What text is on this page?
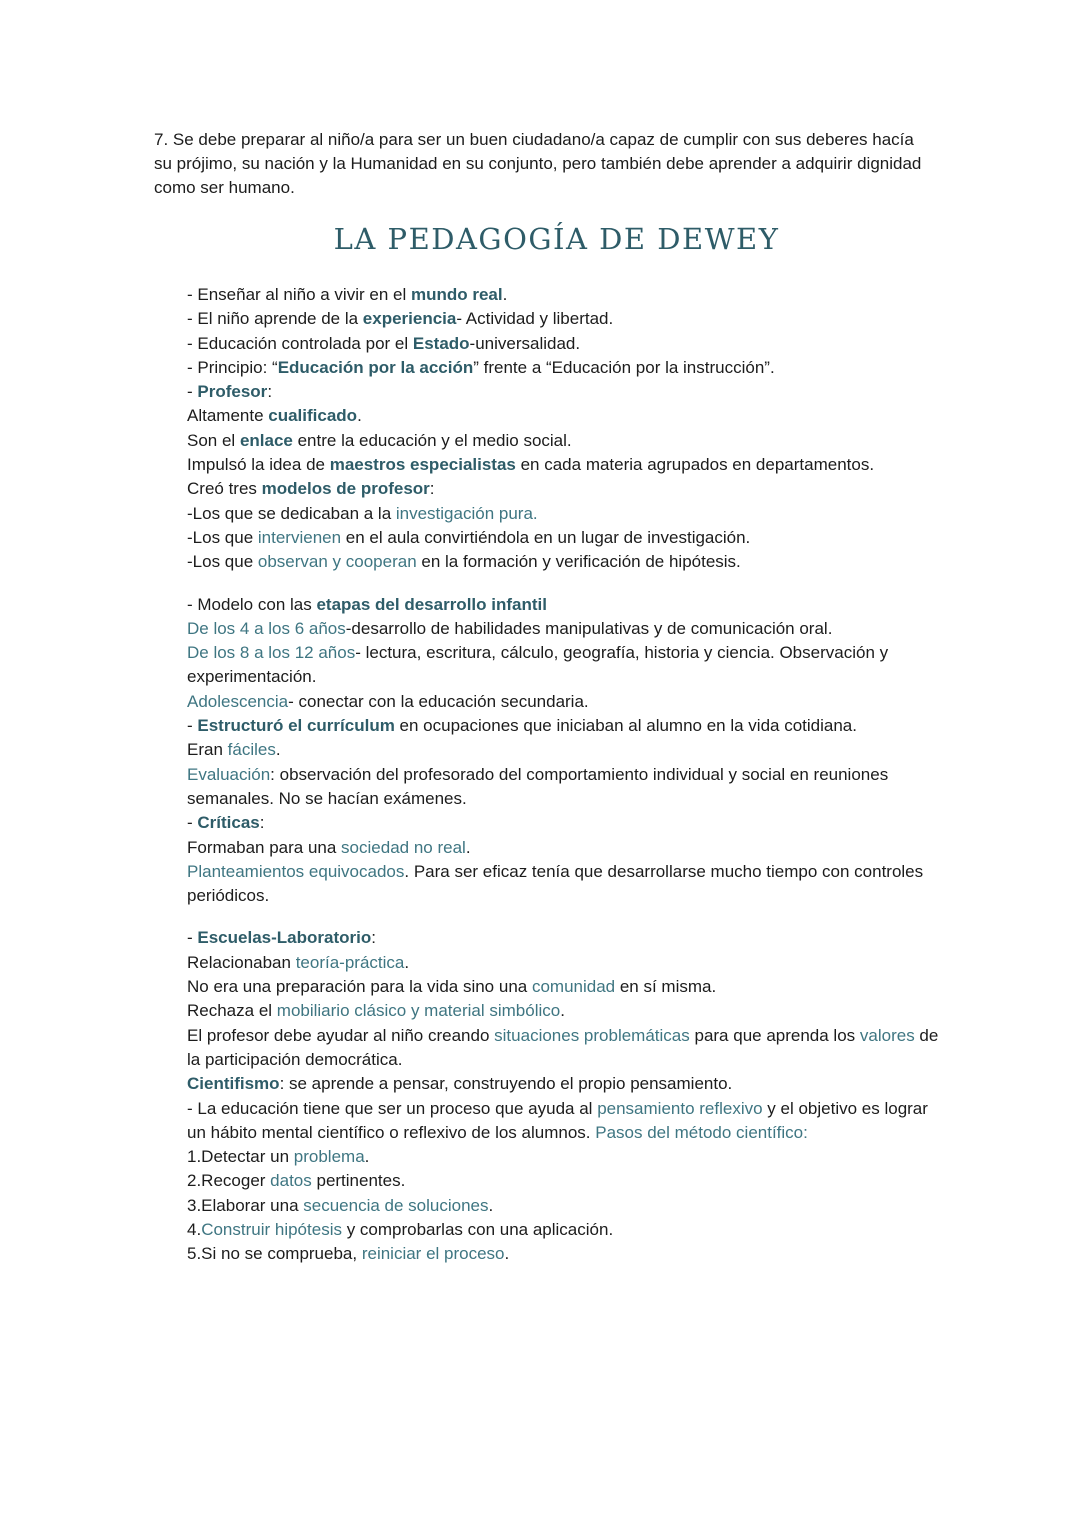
7. Se debe preparar al niño/a para ser un buen ciudadano/a capaz de cumplir con sus deberes hacía su prójimo, su nación y la Humanidad en su conjunto, pero también debe aprender a adquirir dignidad como ser humano.

LA PEDAGOGÍA DE DEWEY
- Enseñar al niño a vivir en el mundo real.
- El niño aprende de la experiencia- Actividad y libertad.
- Educación controlada por el Estado-universalidad.
- Principio: “Educación por la acción” frente a “Educación por la instrucción”.
- Profesor:
Altamente cualificado.
Son el enlace entre la educación y el medio social.
Impulsó la idea de maestros especialistas en cada materia agrupados en departamentos.
Creó tres modelos de profesor:
-Los que se dedicaban a la investigación pura.
-Los que intervienen en el aula convirtiéndola en un lugar de investigación.
-Los que observan y cooperan en la formación y verificación de hipótesis.
- Modelo con las etapas del desarrollo infantil
De los 4 a los 6 años-desarrollo de habilidades manipulativas y de comunicación oral.
De los 8 a los 12 años- lectura, escritura, cálculo, geografía, historia y ciencia. Observación y experimentación.
Adolescencia- conectar con la educación secundaria.
- Estructuró el currículum en ocupaciones que iniciaban al alumno en la vida cotidiana.
Eran fáciles.
Evaluación: observación del profesorado del comportamiento individual y social en reuniones semanales. No se hacían exámenes.
- Críticas:
Formaban para una sociedad no real.
Planteamientos equivocados. Para ser eficaz tenía que desarrollarse mucho tiempo con controles periódicos.
- Escuelas-Laboratorio:
Relacionaban teoría-práctica.
No era una preparación para la vida sino una comunidad en sí misma.
Rechaza el mobiliario clásico y material simbólico.
El profesor debe ayudar al niño creando situaciones problemáticas para que aprenda los valores de la participación democrática.
Cientifismo: se aprende a pensar, construyendo el propio pensamiento.
- La educación tiene que ser un proceso que ayuda al pensamiento reflexivo y el objetivo es lograr un hábito mental científico o reflexivo de los alumnos. Pasos del método científico:
1.Detectar un problema.
2.Recoger datos pertinentes.
3.Elaborar una secuencia de soluciones.
4.Construir hipótesis y comprobarlas con una aplicación.
5.Si no se comprueba, reiniciar el proceso.
